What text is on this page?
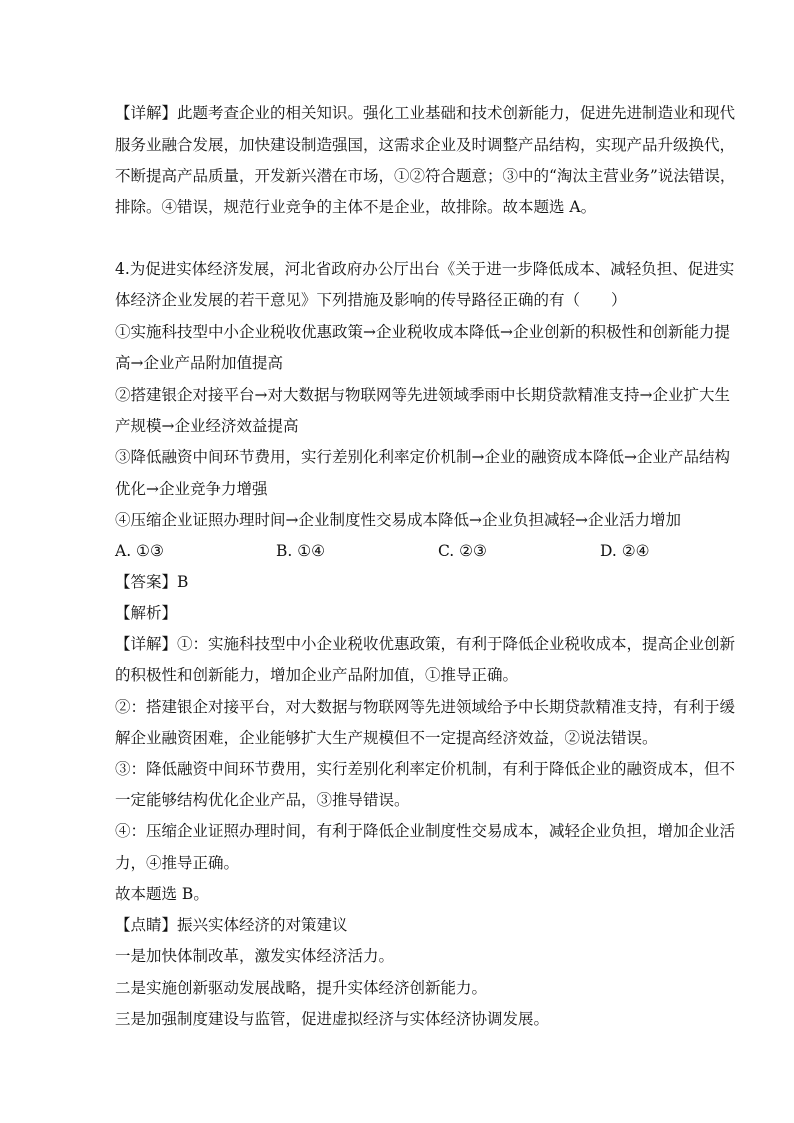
【详解】此题考查企业的相关知识。强化工业基础和技术创新能力，促进先进制造业和现代
服务业融合发展，加快建设制造强国，这需求企业及时调整产品结构，实现产品升级换代，
不断提高产品质量，开发新兴潜在市场，①②符合题意；③中的“淘汰主营业务”说法错误，
排除。④错误，规范行业竞争的主体不是企业，故排除。故本题选 A。
4.为促进实体经济发展，河北省政府办公厅出台《关于进一步降低成本、减轻负担、促进实
体经济企业发展的若干意见》下列措施及影响的传导路径正确的有（　　）
①实施科技型中小企业税收优惠政策→企业税收成本降低→企业创新的积极性和创新能力提
高→企业产品附加值提高
②搭建银企对接平台→对大数据与物联网等先进领域季雨中长期贷款精准支持→企业扩大生
产规模→企业经济效益提高
③降低融资中间环节费用，实行差别化利率定价机制→企业的融资成本降低→企业产品结构
优化→企业竞争力增强
④压缩企业证照办理时间→企业制度性交易成本降低→企业负担减轻→企业活力增加
A. ①③	B. ①④	C. ②③	D. ②④
【答案】B
【解析】
【详解】①：实施科技型中小企业税收优惠政策，有利于降低企业税收成本，提高企业创新
的积极性和创新能力，增加企业产品附加值，①推导正确。
②：搭建银企对接平台，对大数据与物联网等先进领域给予中长期贷款精准支持，有利于缓
解企业融资困难，企业能够扩大生产规模但不一定提高经济效益，②说法错误。
③：降低融资中间环节费用，实行差别化利率定价机制，有利于降低企业的融资成本，但不
一定能够结构优化企业产品，③推导错误。
④：压缩企业证照办理时间，有利于降低企业制度性交易成本，减轻企业负担，增加企业活
力，④推导正确。
故本题选 B。
【点睛】振兴实体经济的对策建议
一是加快体制改革，激发实体经济活力。
二是实施创新驱动发展战略，提升实体经济创新能力。
三是加强制度建设与监管，促进虚拟经济与实体经济协调发展。
